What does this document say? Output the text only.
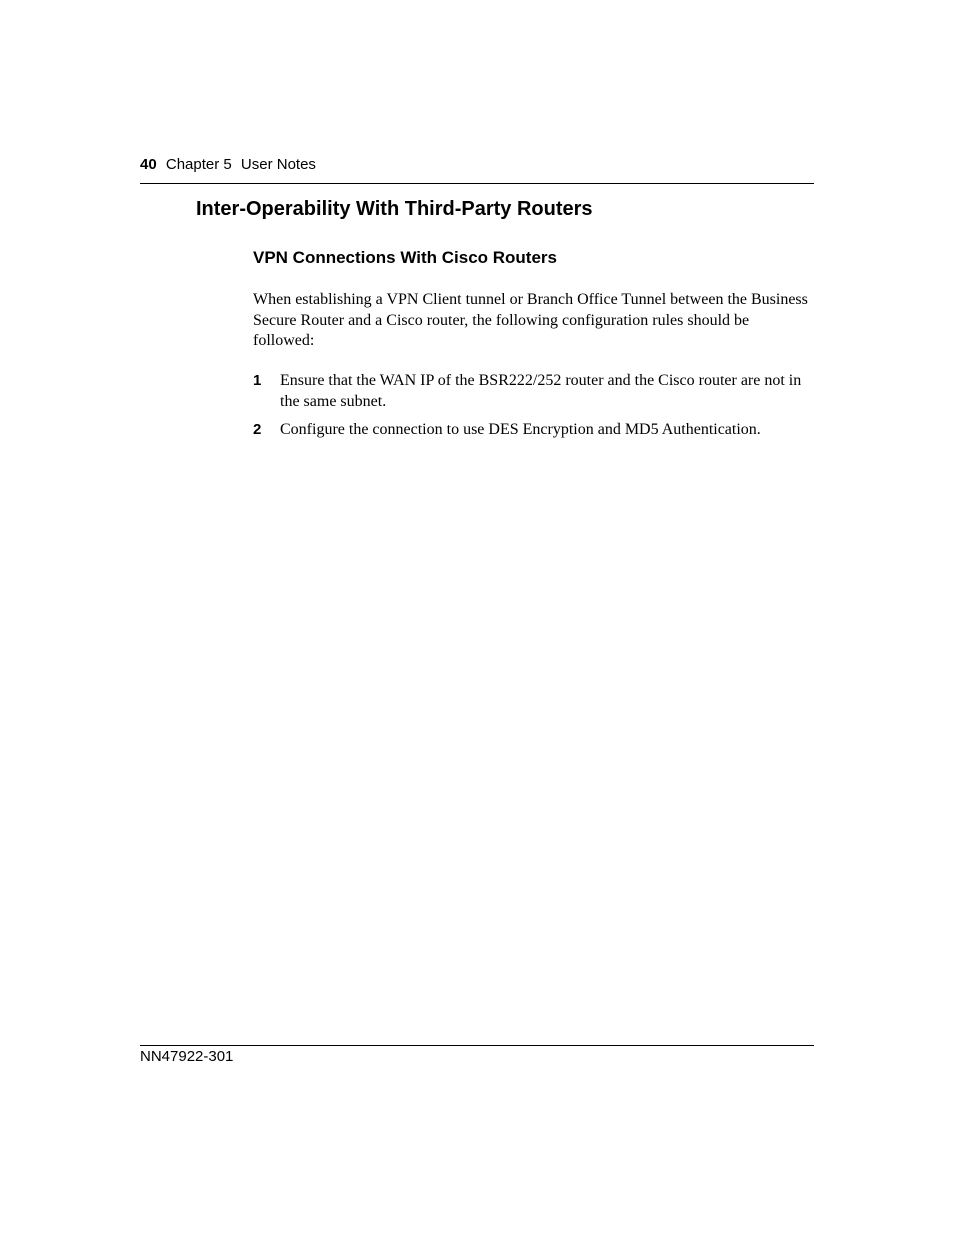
40 Chapter 5 User Notes
Inter-Operability With Third-Party Routers
VPN Connections With Cisco Routers

When establishing a VPN Client tunnel or Branch Office Tunnel between the Business Secure Router and a Cisco router, the following configuration rules should be followed:

1	Ensure that the WAN IP of the BSR222/252 router and the Cisco router are not in the same subnet.
2	Configure the connection to use DES Encryption and MD5 Authentication.
NN47922-301
